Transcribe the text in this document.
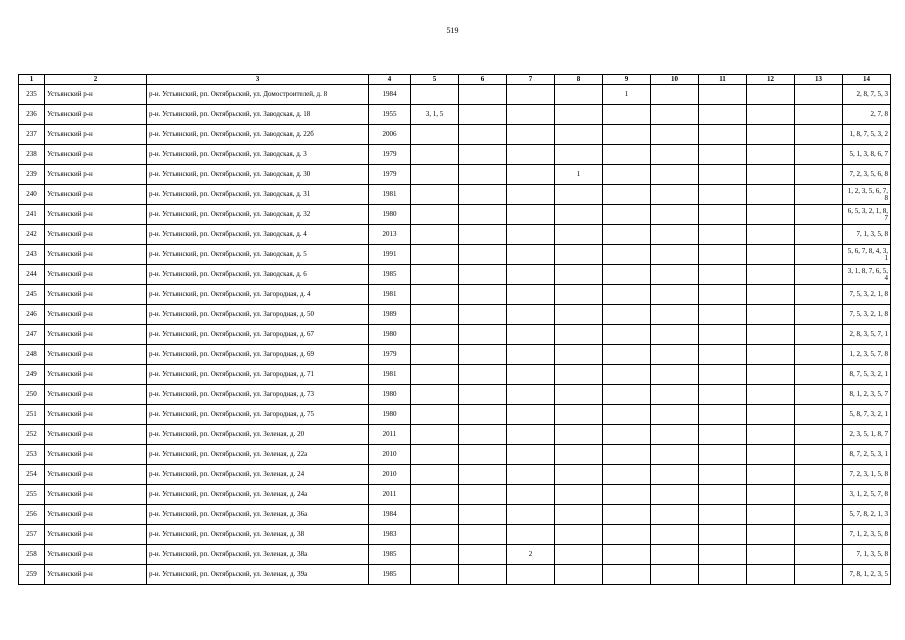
519
1	2	3	4	5	6	7	8	9	10	11	12	13	14
235	Устьянский р-н	р-н. Устьянский, рп. Октябрьский, ул. Домостроителей, д. 8	1984					1					2, 8, 7, 5, 3
236	Устьянский р-н	р-н. Устьянский, рп. Октябрьский, ул. Заводская, д. 18	1955	3, 1, 5									2, 7, 8
237	Устьянский р-н	р-н. Устьянский, рп. Октябрьский, ул. Заводская, д. 22б	2006										1, 8, 7, 5, 3, 2
238	Устьянский р-н	р-н. Устьянский, рп. Октябрьский, ул. Заводская, д. 3	1979										5, 1, 3, 8, 6, 7
239	Устьянский р-н	р-н. Устьянский, рп. Октябрьский, ул. Заводская, д. 30	1979				1						7, 2, 3, 5, 6, 8
240	Устьянский р-н	р-н. Устьянский, рп. Октябрьский, ул. Заводская, д. 31	1981										1, 2, 3, 5, 6, 7, 8
241	Устьянский р-н	р-н. Устьянский, рп. Октябрьский, ул. Заводская, д. 32	1980										6, 5, 3, 2, 1, 8, 7
242	Устьянский р-н	р-н. Устьянский, рп. Октябрьский, ул. Заводская, д. 4	2013										7, 1, 3, 5, 8
243	Устьянский р-н	р-н. Устьянский, рп. Октябрьский, ул. Заводская, д. 5	1991										5, 6, 7, 8, 4, 3, 1
244	Устьянский р-н	р-н. Устьянский, рп. Октябрьский, ул. Заводская, д. 6	1985										3, 1, 8, 7, 6, 5, 4
245	Устьянский р-н	р-н. Устьянский, рп. Октябрьский, ул. Загородная, д. 4	1981										7, 5, 3, 2, 1, 8
246	Устьянский р-н	р-н. Устьянский, рп. Октябрьский, ул. Загородная, д. 50	1989										7, 5, 3, 2, 1, 8
247	Устьянский р-н	р-н. Устьянский, рп. Октябрьский, ул. Загородная, д. 67	1980										2, 8, 3, 5, 7, 1
248	Устьянский р-н	р-н. Устьянский, рп. Октябрьский, ул. Загородная, д. 69	1979										1, 2, 3, 5, 7, 8
249	Устьянский р-н	р-н. Устьянский, рп. Октябрьский, ул. Загородная, д. 71	1981										8, 7, 5, 3, 2, 1
250	Устьянский р-н	р-н. Устьянский, рп. Октябрьский, ул. Загородная, д. 73	1980										8, 1, 2, 3, 5, 7
251	Устьянский р-н	р-н. Устьянский, рп. Октябрьский, ул. Загородная, д. 75	1980										5, 8, 7, 3, 2, 1
252	Устьянский р-н	р-н. Устьянский, рп. Октябрьский, ул. Зеленая, д. 20	2011										2, 3, 5, 1, 8, 7
253	Устьянский р-н	р-н. Устьянский, рп. Октябрьский, ул. Зеленая, д. 22а	2010										8, 7, 2, 5, 3, 1
254	Устьянский р-н	р-н. Устьянский, рп. Октябрьский, ул. Зеленая, д. 24	2010										7, 2, 3, 1, 5, 8
255	Устьянский р-н	р-н. Устьянский, рп. Октябрьский, ул. Зеленая, д. 24а	2011										3, 1, 2, 5, 7, 8
256	Устьянский р-н	р-н. Устьянский, рп. Октябрьский, ул. Зеленая, д. 36а	1984										5, 7, 8, 2, 1, 3
257	Устьянский р-н	р-н. Устьянский, рп. Октябрьский, ул. Зеленая, д. 38	1983										7, 1, 2, 3, 5, 8
258	Устьянский р-н	р-н. Устьянский, рп. Октябрьский, ул. Зеленая, д. 38а	1985			2							7, 1, 3, 5, 8
259	Устьянский р-н	р-н. Устьянский, рп. Октябрьский, ул. Зеленая, д. 39а	1985										7, 8, 1, 2, 3, 5
